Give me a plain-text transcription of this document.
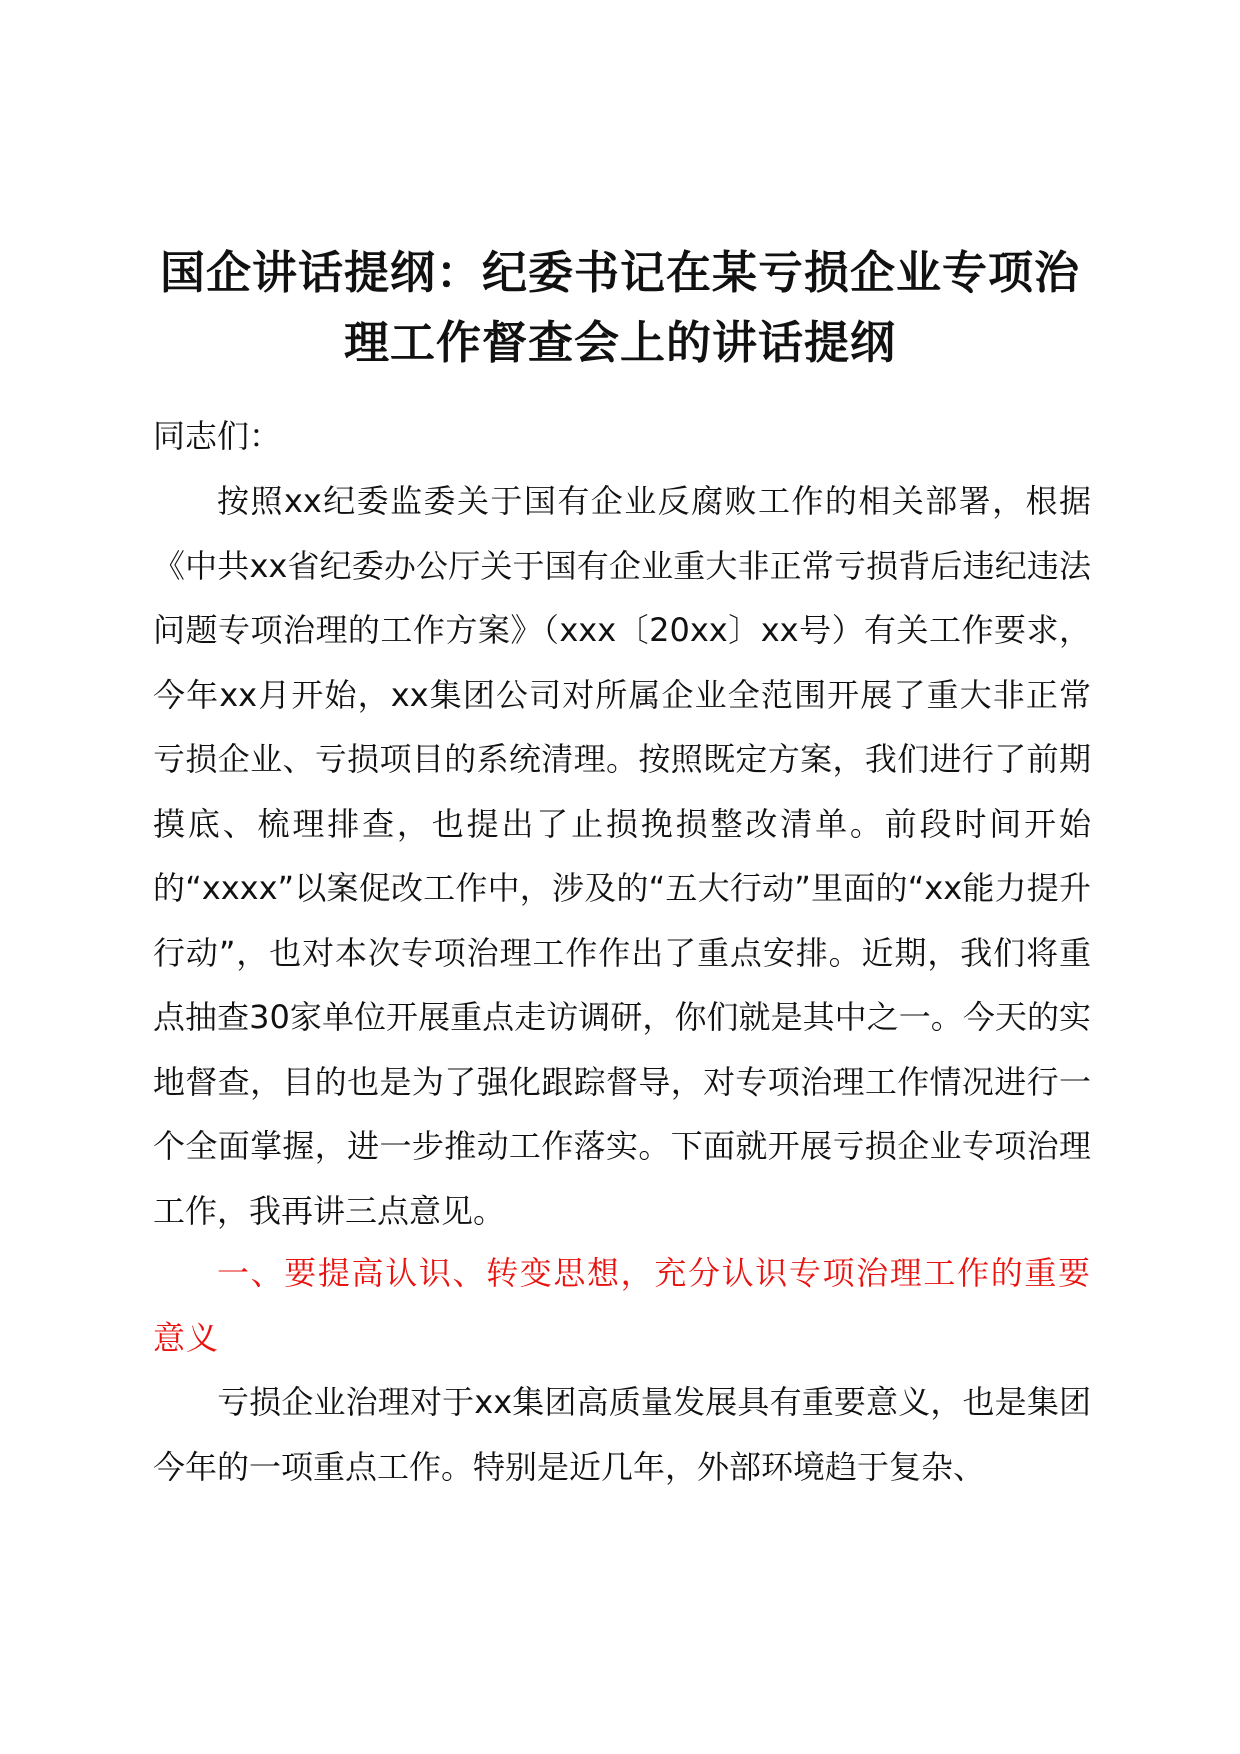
国企讲话提纲：纪委书记在某亏损企业专项治理工作督查会上的讲话提纲

同志们：

按照xx纪委监委关于国有企业反腐败工作的相关部署，根据《中共xx省纪委办公厅关于国有企业重大非正常亏损背后违纪违法问题专项治理的工作方案》（xxx〔20xx〕xx号）有关工作要求，今年xx月开始，xx集团公司对所属企业全范围开展了重大非正常亏损企业、亏损项目的系统清理。按照既定方案，我们进行了前期摸底、梳理排查，也提出了止损挽损整改清单。前段时间开始的“xxxx”以案促改工作中，涉及的“五大行动”里面的“xx能力提升行动”，也对本次专项治理工作作出了重点安排。近期，我们将重点抽查30家单位开展重点走访调研，你们就是其中之一。今天的实地督查，目的也是为了强化跟踪督导，对专项治理工作情况进行一个全面掌握，进一步推动工作落实。下面就开展亏损企业专项治理工作，我再讲三点意见。

一、要提高认识、转变思想，充分认识专项治理工作的重要意义

亏损企业治理对于xx集团高质量发展具有重要意义，也是集团今年的一项重点工作。特别是近几年，外部环境趋于复杂、
